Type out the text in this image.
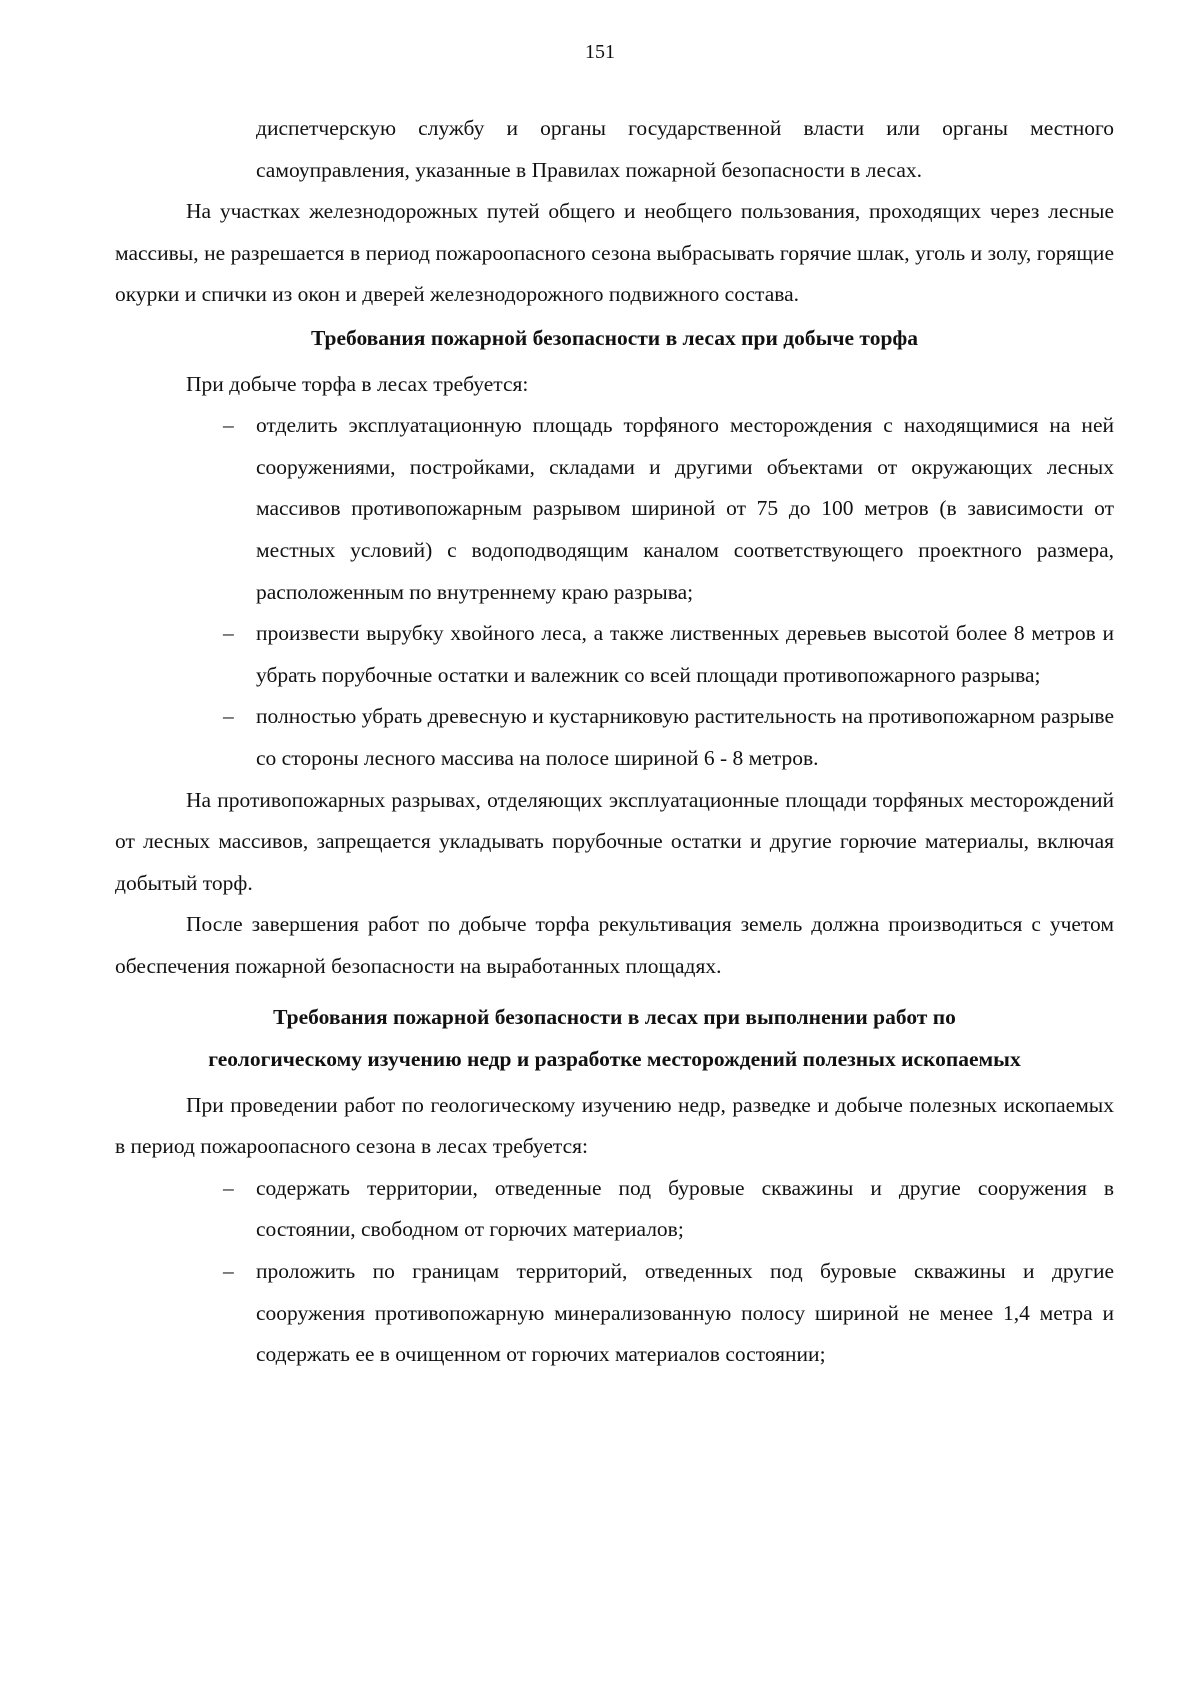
151

диспетчерскую службу и органы государственной власти или органы местного самоуправления, указанные в Правилах пожарной безопасности в лесах.

На участках железнодорожных путей общего и необщего пользования, проходящих через лесные массивы, не разрешается в период пожароопасного сезона выбрасывать горячие шлак, уголь и золу, горящие окурки и спички из окон и дверей железнодорожного подвижного состава.

Требования пожарной безопасности в лесах при добыче торфа

При добыче торфа в лесах требуется:

– отделить эксплуатационную площадь торфяного месторождения с находящимися на ней сооружениями, постройками, складами и другими объектами от окружающих лесных массивов противопожарным разрывом шириной от 75 до 100 метров (в зависимости от местных условий) с водоподводящим каналом соответствующего проектного размера, расположенным по внутреннему краю разрыва;
– произвести вырубку хвойного леса, а также лиственных деревьев высотой более 8 метров и убрать порубочные остатки и валежник со всей площади противопожарного разрыва;
– полностью убрать древесную и кустарниковую растительность на противопожарном разрыве со стороны лесного массива на полосе шириной 6 - 8 метров.

На противопожарных разрывах, отделяющих эксплуатационные площади торфяных месторождений от лесных массивов, запрещается укладывать порубочные остатки и другие горючие материалы, включая добытый торф.

После завершения работ по добыче торфа рекультивация земель должна производиться с учетом обеспечения пожарной безопасности на выработанных площадях.

Требования пожарной безопасности в лесах при выполнении работ по
геологическому изучению недр и разработке месторождений полезных ископаемых

При проведении работ по геологическому изучению недр, разведке и добыче полезных ископаемых в период пожароопасного сезона в лесах требуется:

– содержать территории, отведенные под буровые скважины и другие сооружения в состоянии, свободном от горючих материалов;
– проложить по границам территорий, отведенных под буровые скважины и другие сооружения противопожарную минерализованную полосу шириной не менее 1,4 метра и содержать ее в очищенном от горючих материалов состоянии;
